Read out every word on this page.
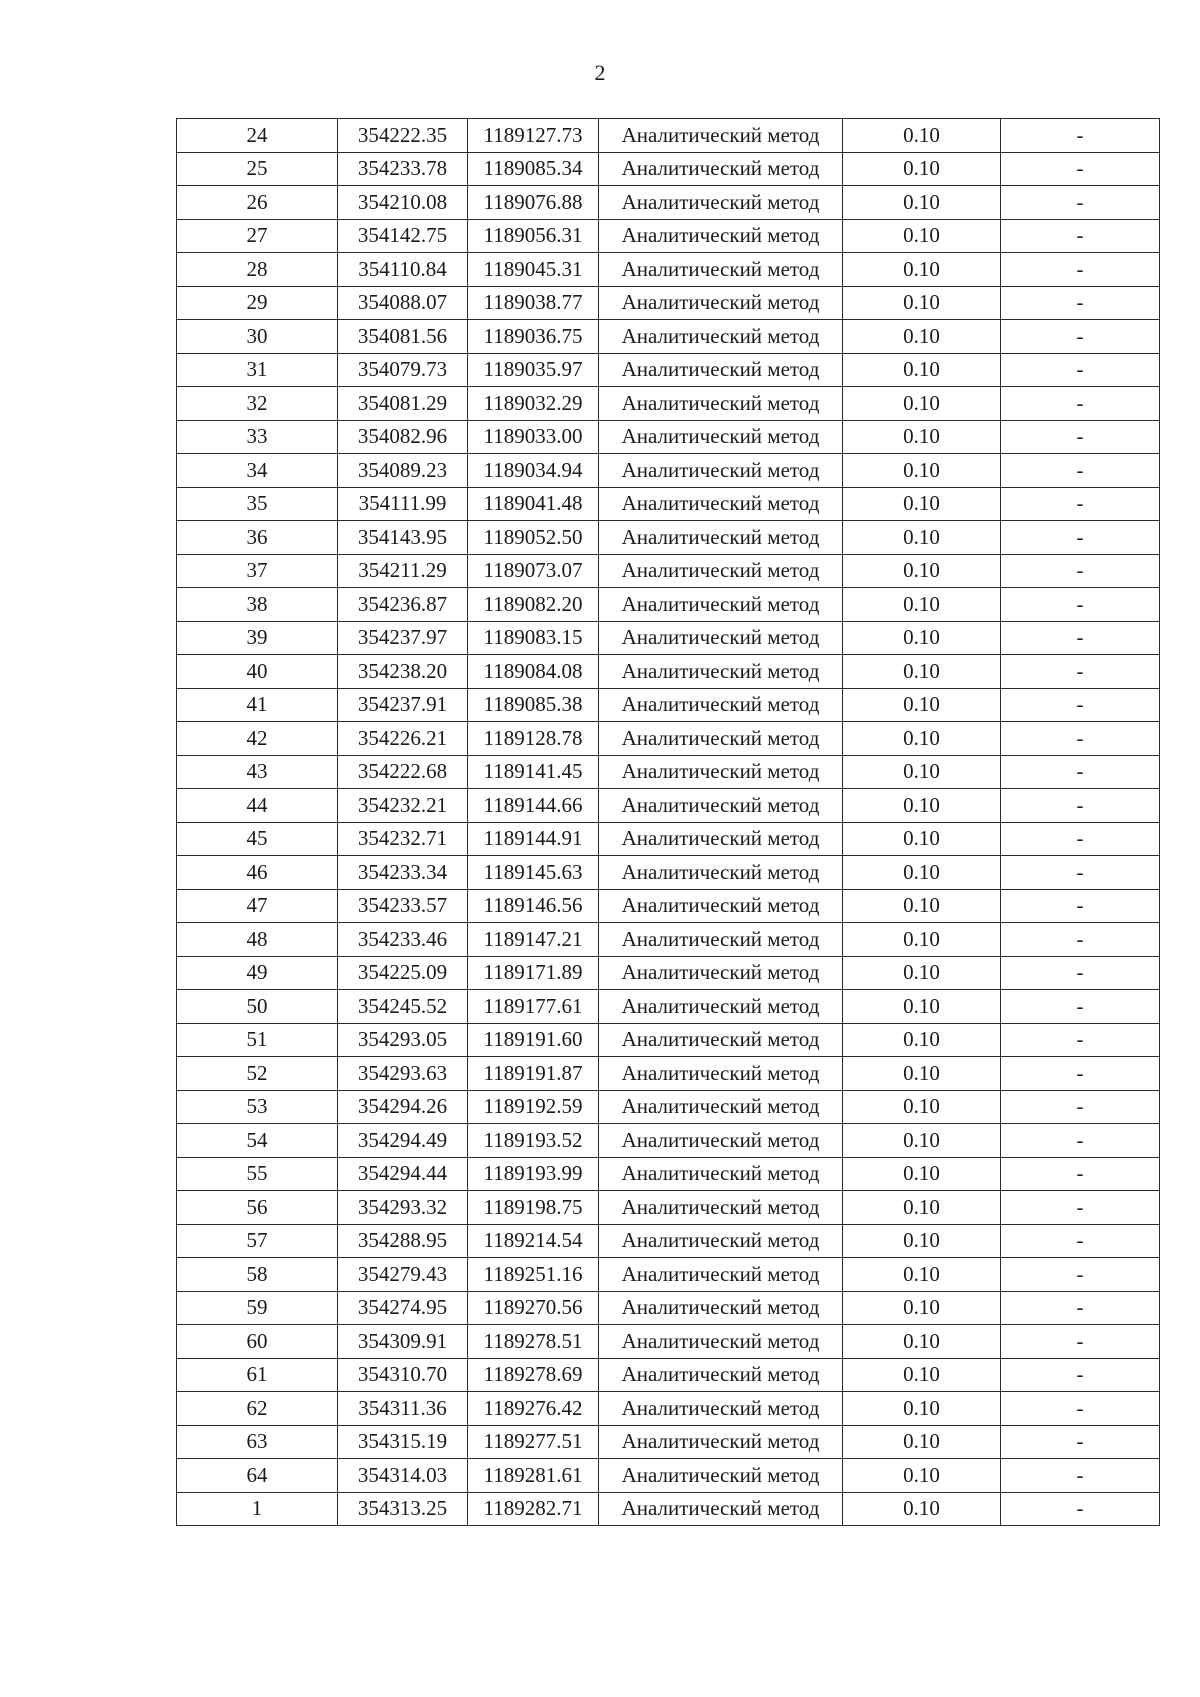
2
24	354222.35	1189127.73	Аналитический метод	0.10	-
25	354233.78	1189085.34	Аналитический метод	0.10	-
26	354210.08	1189076.88	Аналитический метод	0.10	-
27	354142.75	1189056.31	Аналитический метод	0.10	-
28	354110.84	1189045.31	Аналитический метод	0.10	-
29	354088.07	1189038.77	Аналитический метод	0.10	-
30	354081.56	1189036.75	Аналитический метод	0.10	-
31	354079.73	1189035.97	Аналитический метод	0.10	-
32	354081.29	1189032.29	Аналитический метод	0.10	-
33	354082.96	1189033.00	Аналитический метод	0.10	-
34	354089.23	1189034.94	Аналитический метод	0.10	-
35	354111.99	1189041.48	Аналитический метод	0.10	-
36	354143.95	1189052.50	Аналитический метод	0.10	-
37	354211.29	1189073.07	Аналитический метод	0.10	-
38	354236.87	1189082.20	Аналитический метод	0.10	-
39	354237.97	1189083.15	Аналитический метод	0.10	-
40	354238.20	1189084.08	Аналитический метод	0.10	-
41	354237.91	1189085.38	Аналитический метод	0.10	-
42	354226.21	1189128.78	Аналитический метод	0.10	-
43	354222.68	1189141.45	Аналитический метод	0.10	-
44	354232.21	1189144.66	Аналитический метод	0.10	-
45	354232.71	1189144.91	Аналитический метод	0.10	-
46	354233.34	1189145.63	Аналитический метод	0.10	-
47	354233.57	1189146.56	Аналитический метод	0.10	-
48	354233.46	1189147.21	Аналитический метод	0.10	-
49	354225.09	1189171.89	Аналитический метод	0.10	-
50	354245.52	1189177.61	Аналитический метод	0.10	-
51	354293.05	1189191.60	Аналитический метод	0.10	-
52	354293.63	1189191.87	Аналитический метод	0.10	-
53	354294.26	1189192.59	Аналитический метод	0.10	-
54	354294.49	1189193.52	Аналитический метод	0.10	-
55	354294.44	1189193.99	Аналитический метод	0.10	-
56	354293.32	1189198.75	Аналитический метод	0.10	-
57	354288.95	1189214.54	Аналитический метод	0.10	-
58	354279.43	1189251.16	Аналитический метод	0.10	-
59	354274.95	1189270.56	Аналитический метод	0.10	-
60	354309.91	1189278.51	Аналитический метод	0.10	-
61	354310.70	1189278.69	Аналитический метод	0.10	-
62	354311.36	1189276.42	Аналитический метод	0.10	-
63	354315.19	1189277.51	Аналитический метод	0.10	-
64	354314.03	1189281.61	Аналитический метод	0.10	-
1	354313.25	1189282.71	Аналитический метод	0.10	-
